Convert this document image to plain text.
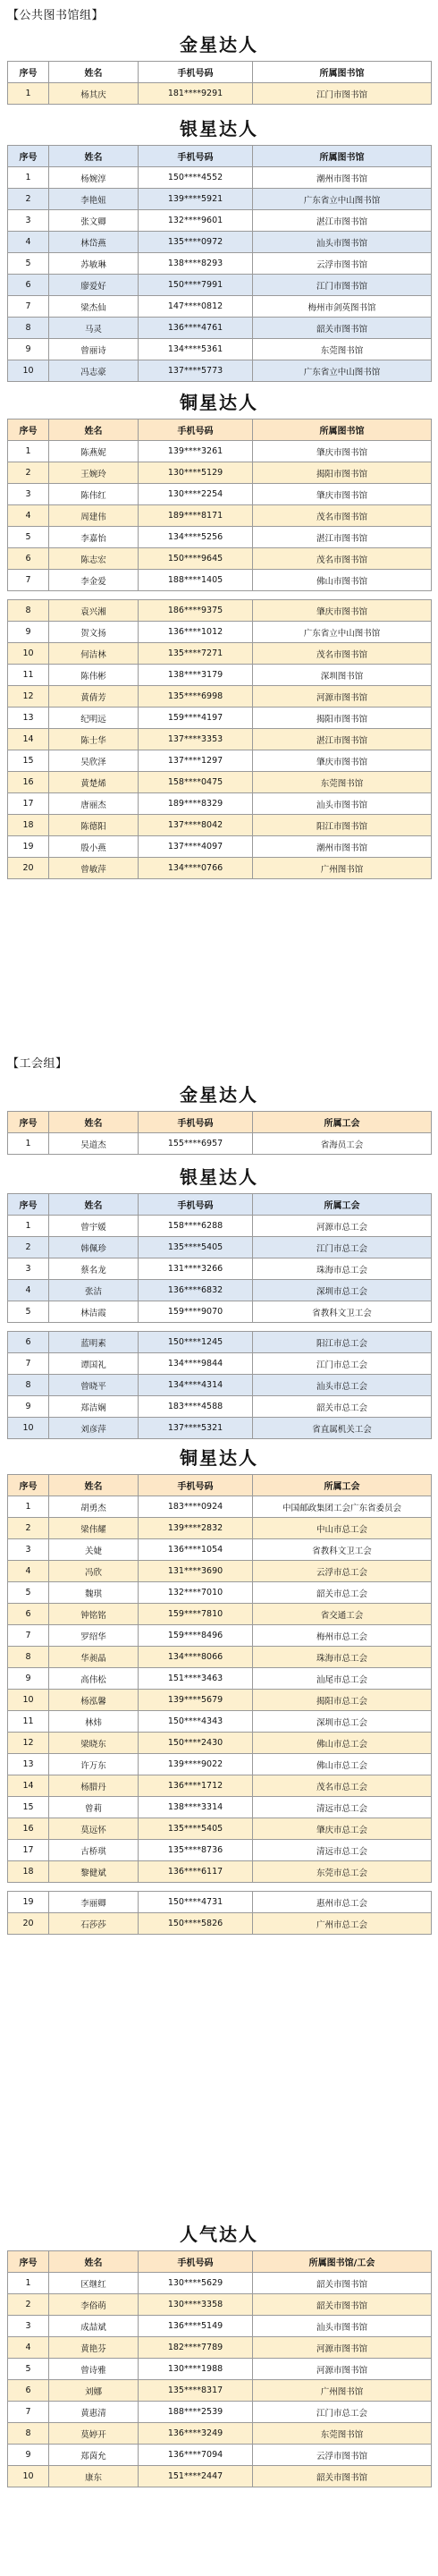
【公共图书馆组】
金星达人
序号	姓名	手机号码	所属图书馆
1	杨其庆	181****9291	江门市图书馆
银星达人
序号	姓名	手机号码	所属图书馆
1	杨婉淳	150****4552	潮州市图书馆
2	李艳妞	139****5921	广东省立中山图书馆
3	张文卿	132****9601	湛江市图书馆
4	林岱燕	135****0972	汕头市图书馆
5	苏敏琳	138****8293	云浮市图书馆
6	廖爱好	150****7991	江门市图书馆
7	梁杰仙	147****0812	梅州市剑英图书馆
8	马灵	136****4761	韶关市图书馆
9	曾丽诗	134****5361	东莞图书馆
10	冯志豪	137****5773	广东省立中山图书馆
铜星达人
序号	姓名	手机号码	所属图书馆
1	陈燕妮	139****3261	肇庆市图书馆
2	王婉玲	130****5129	揭阳市图书馆
3	陈伟红	130****2254	肇庆市图书馆
4	周建伟	189****8171	茂名市图书馆
5	李嘉怡	134****5256	湛江市图书馆
6	陈志宏	150****9645	茂名市图书馆
7	李金爱	188****1405	佛山市图书馆

8	袁兴湘	186****9375	肇庆市图书馆
9	贺文扬	136****1012	广东省立中山图书馆
10	何洁林	135****7271	茂名市图书馆
11	陈伟彬	138****3179	深圳图书馆
12	黄倩芳	135****6998	河源市图书馆
13	纪明远	159****4197	揭阳市图书馆
14	陈士华	137****3353	湛江市图书馆
15	吴欣泽	137****1297	肇庆市图书馆
16	黄楚烯	158****0475	东莞图书馆
17	唐丽杰	189****8329	汕头市图书馆
18	陈德阳	137****8042	阳江市图书馆
19	殷小燕	137****4097	潮州市图书馆
20	曾敏萍	134****0766	广州图书馆
【工会组】
金星达人
序号	姓名	手机号码	所属工会
1	吴道杰	155****6957	省海员工会
银星达人
序号	姓名	手机号码	所属工会
1	曾宇媛	158****6288	河源市总工会
2	韩佩珍	135****5405	江门市总工会
3	蔡名龙	131****3266	珠海市总工会
4	张洁	136****6832	深圳市总工会
5	林洁霞	159****9070	省教科文卫工会

6	蓝明素	150****1245	阳江市总工会
7	谭国礼	134****9844	江门市总工会
8	曾晓平	134****4314	汕头市总工会
9	郑洁娴	183****4588	韶关市总工会
10	刘彦萍	137****5321	省直属机关工会
铜星达人
序号	姓名	手机号码	所属工会
1	胡勇杰	183****0924	中国邮政集团工会广东省委员会
2	梁伟耀	139****2832	中山市总工会
3	关婕	136****1054	省教科文卫工会
4	冯欣	131****3690	云浮市总工会
5	魏琪	132****7010	韶关市总工会
6	钟铭铭	159****7810	省交通工会
7	罗绍华	159****8496	梅州市总工会
8	华昶晶	134****8066	珠海市总工会
9	高伟松	151****3463	汕尾市总工会
10	杨泓馨	139****5679	揭阳市总工会
11	林炜	150****4343	深圳市总工会
12	梁晓东	150****2430	佛山市总工会
13	许万东	139****9022	佛山市总工会
14	杨腊丹	136****1712	茂名市总工会
15	曾莉	138****3314	清远市总工会
16	莫远怀	135****5405	肇庆市总工会
17	古桥琪	135****8736	清远市总工会
18	黎健斌	136****6117	东莞市总工会

19	李丽卿	150****4731	惠州市总工会
20	石莎莎	150****5826	广州市总工会
人气达人
序号	姓名	手机号码	所属图书馆/工会
1	区继红	130****5629	韶关市图书馆
2	李俗萌	130****3358	韶关市图书馆
3	成喆斌	136****5149	汕头市图书馆
4	黄艳芬	182****7789	河源市图书馆
5	曾诗雅	130****1988	河源市图书馆
6	刘娜	135****8317	广州图书馆
7	黄惠清	188****2539	江门市总工会
8	莫婷开	136****3249	东莞图书馆
9	郑茵允	136****7094	云浮市图书馆
10	康东	151****2447	韶关市图书馆
